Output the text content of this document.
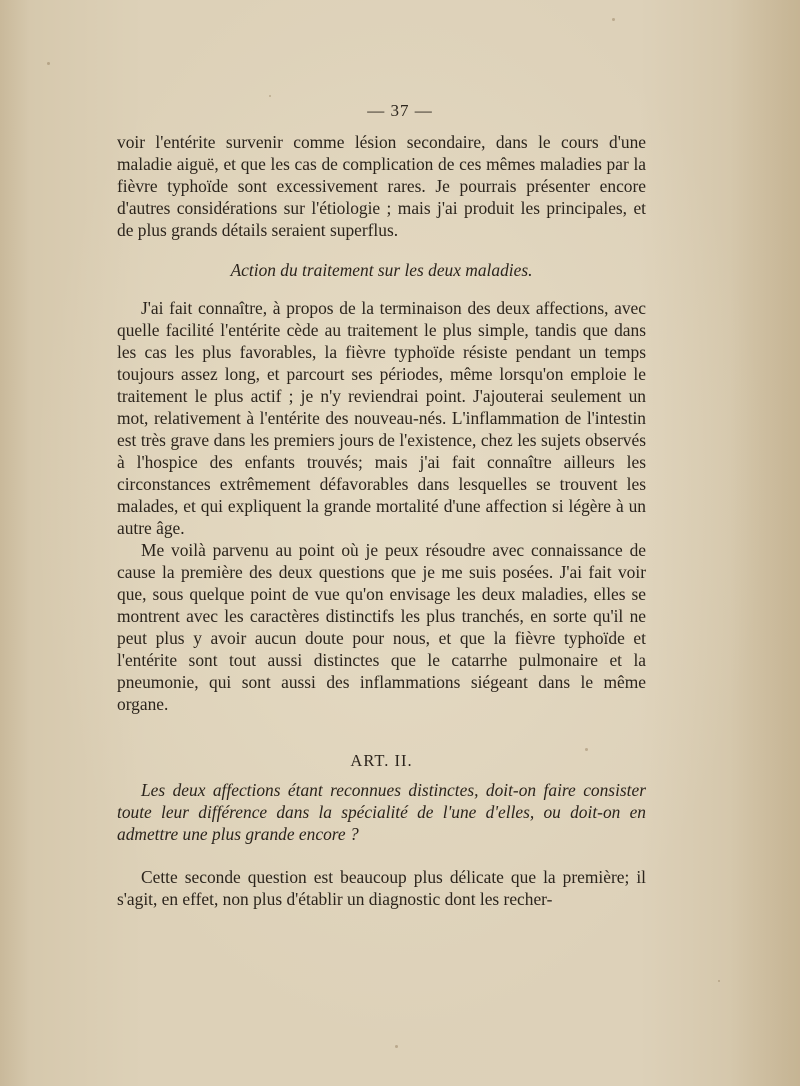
— 37 —

voir l'entérite survenir comme lésion secondaire, dans le cours d'une maladie aiguë, et que les cas de complication de ces mêmes maladies par la fièvre typhoïde sont excessivement rares. Je pourrais présenter encore d'autres considérations sur l'étiologie ; mais j'ai produit les principales, et de plus grands détails seraient superflus.

Action du traitement sur les deux maladies.

J'ai fait connaître, à propos de la terminaison des deux affections, avec quelle facilité l'entérite cède au traitement le plus simple, tandis que dans les cas les plus favorables, la fièvre typhoïde résiste pendant un temps toujours assez long, et parcourt ses périodes, même lorsqu'on emploie le traitement le plus actif ; je n'y reviendrai point. J'ajouterai seulement un mot, relativement à l'entérite des nouveau-nés. L'inflammation de l'intestin est très grave dans les premiers jours de l'existence, chez les sujets observés à l'hospice des enfants trouvés; mais j'ai fait connaître ailleurs les circonstances extrêmement défavorables dans lesquelles se trouvent les malades, et qui expliquent la grande mortalité d'une affection si légère à un autre âge.

Me voilà parvenu au point où je peux résoudre avec connaissance de cause la première des deux questions que je me suis posées. J'ai fait voir que, sous quelque point de vue qu'on envisage les deux maladies, elles se montrent avec les caractères distinctifs les plus tranchés, en sorte qu'il ne peut plus y avoir aucun doute pour nous, et que la fièvre typhoïde et l'entérite sont tout aussi distinctes que le catarrhe pulmonaire et la pneumonie, qui sont aussi des inflammations siégeant dans le même organe.

ART. II.

Les deux affections étant reconnues distinctes, doit-on faire consister toute leur différence dans la spécialité de l'une d'elles, ou doit-on en admettre une plus grande encore ?

Cette seconde question est beaucoup plus délicate que la première; il s'agit, en effet, non plus d'établir un diagnostic dont les recher-
